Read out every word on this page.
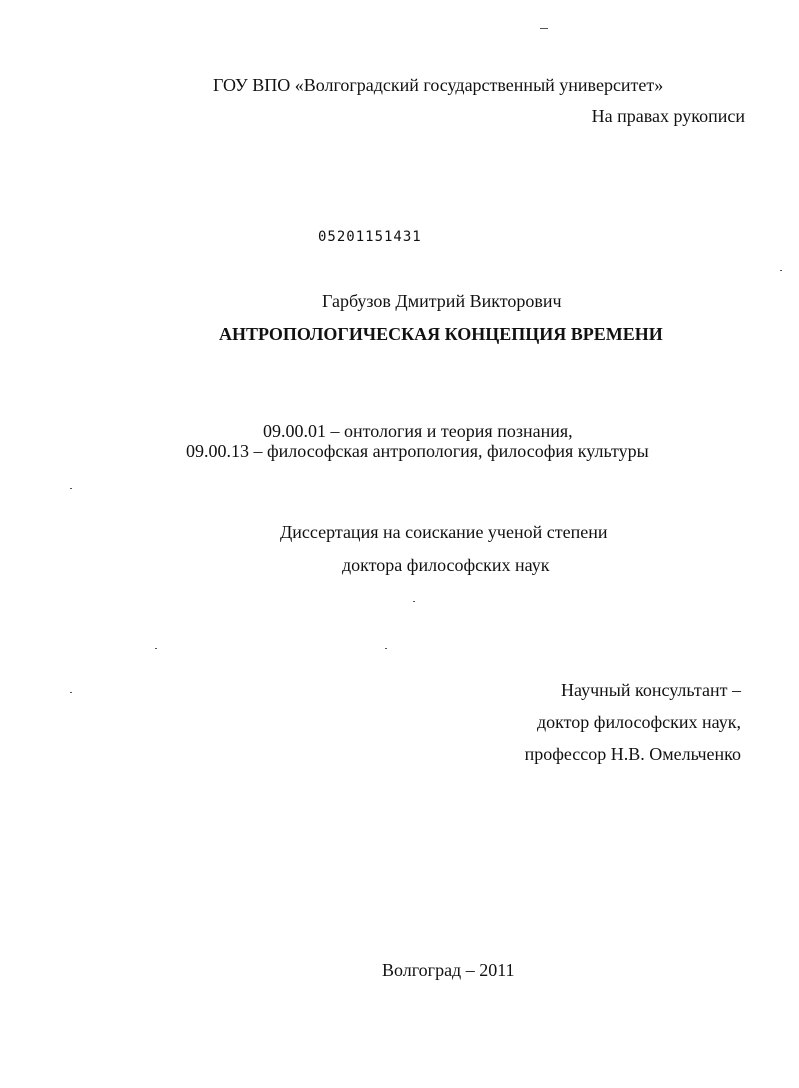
ГОУ ВПО «Волгоградский государственный университет»
На правах рукописи
05201151431
Гарбузов Дмитрий Викторович
АНТРОПОЛОГИЧЕСКАЯ КОНЦЕПЦИЯ ВРЕМЕНИ
09.00.01 – онтология и теория познания,
09.00.13 – философская антропология, философия культуры
Диссертация на соискание ученой степени
доктора философских наук
Научный консультант –
доктор философских наук,
профессор Н.В. Омельченко
Волгоград – 2011
